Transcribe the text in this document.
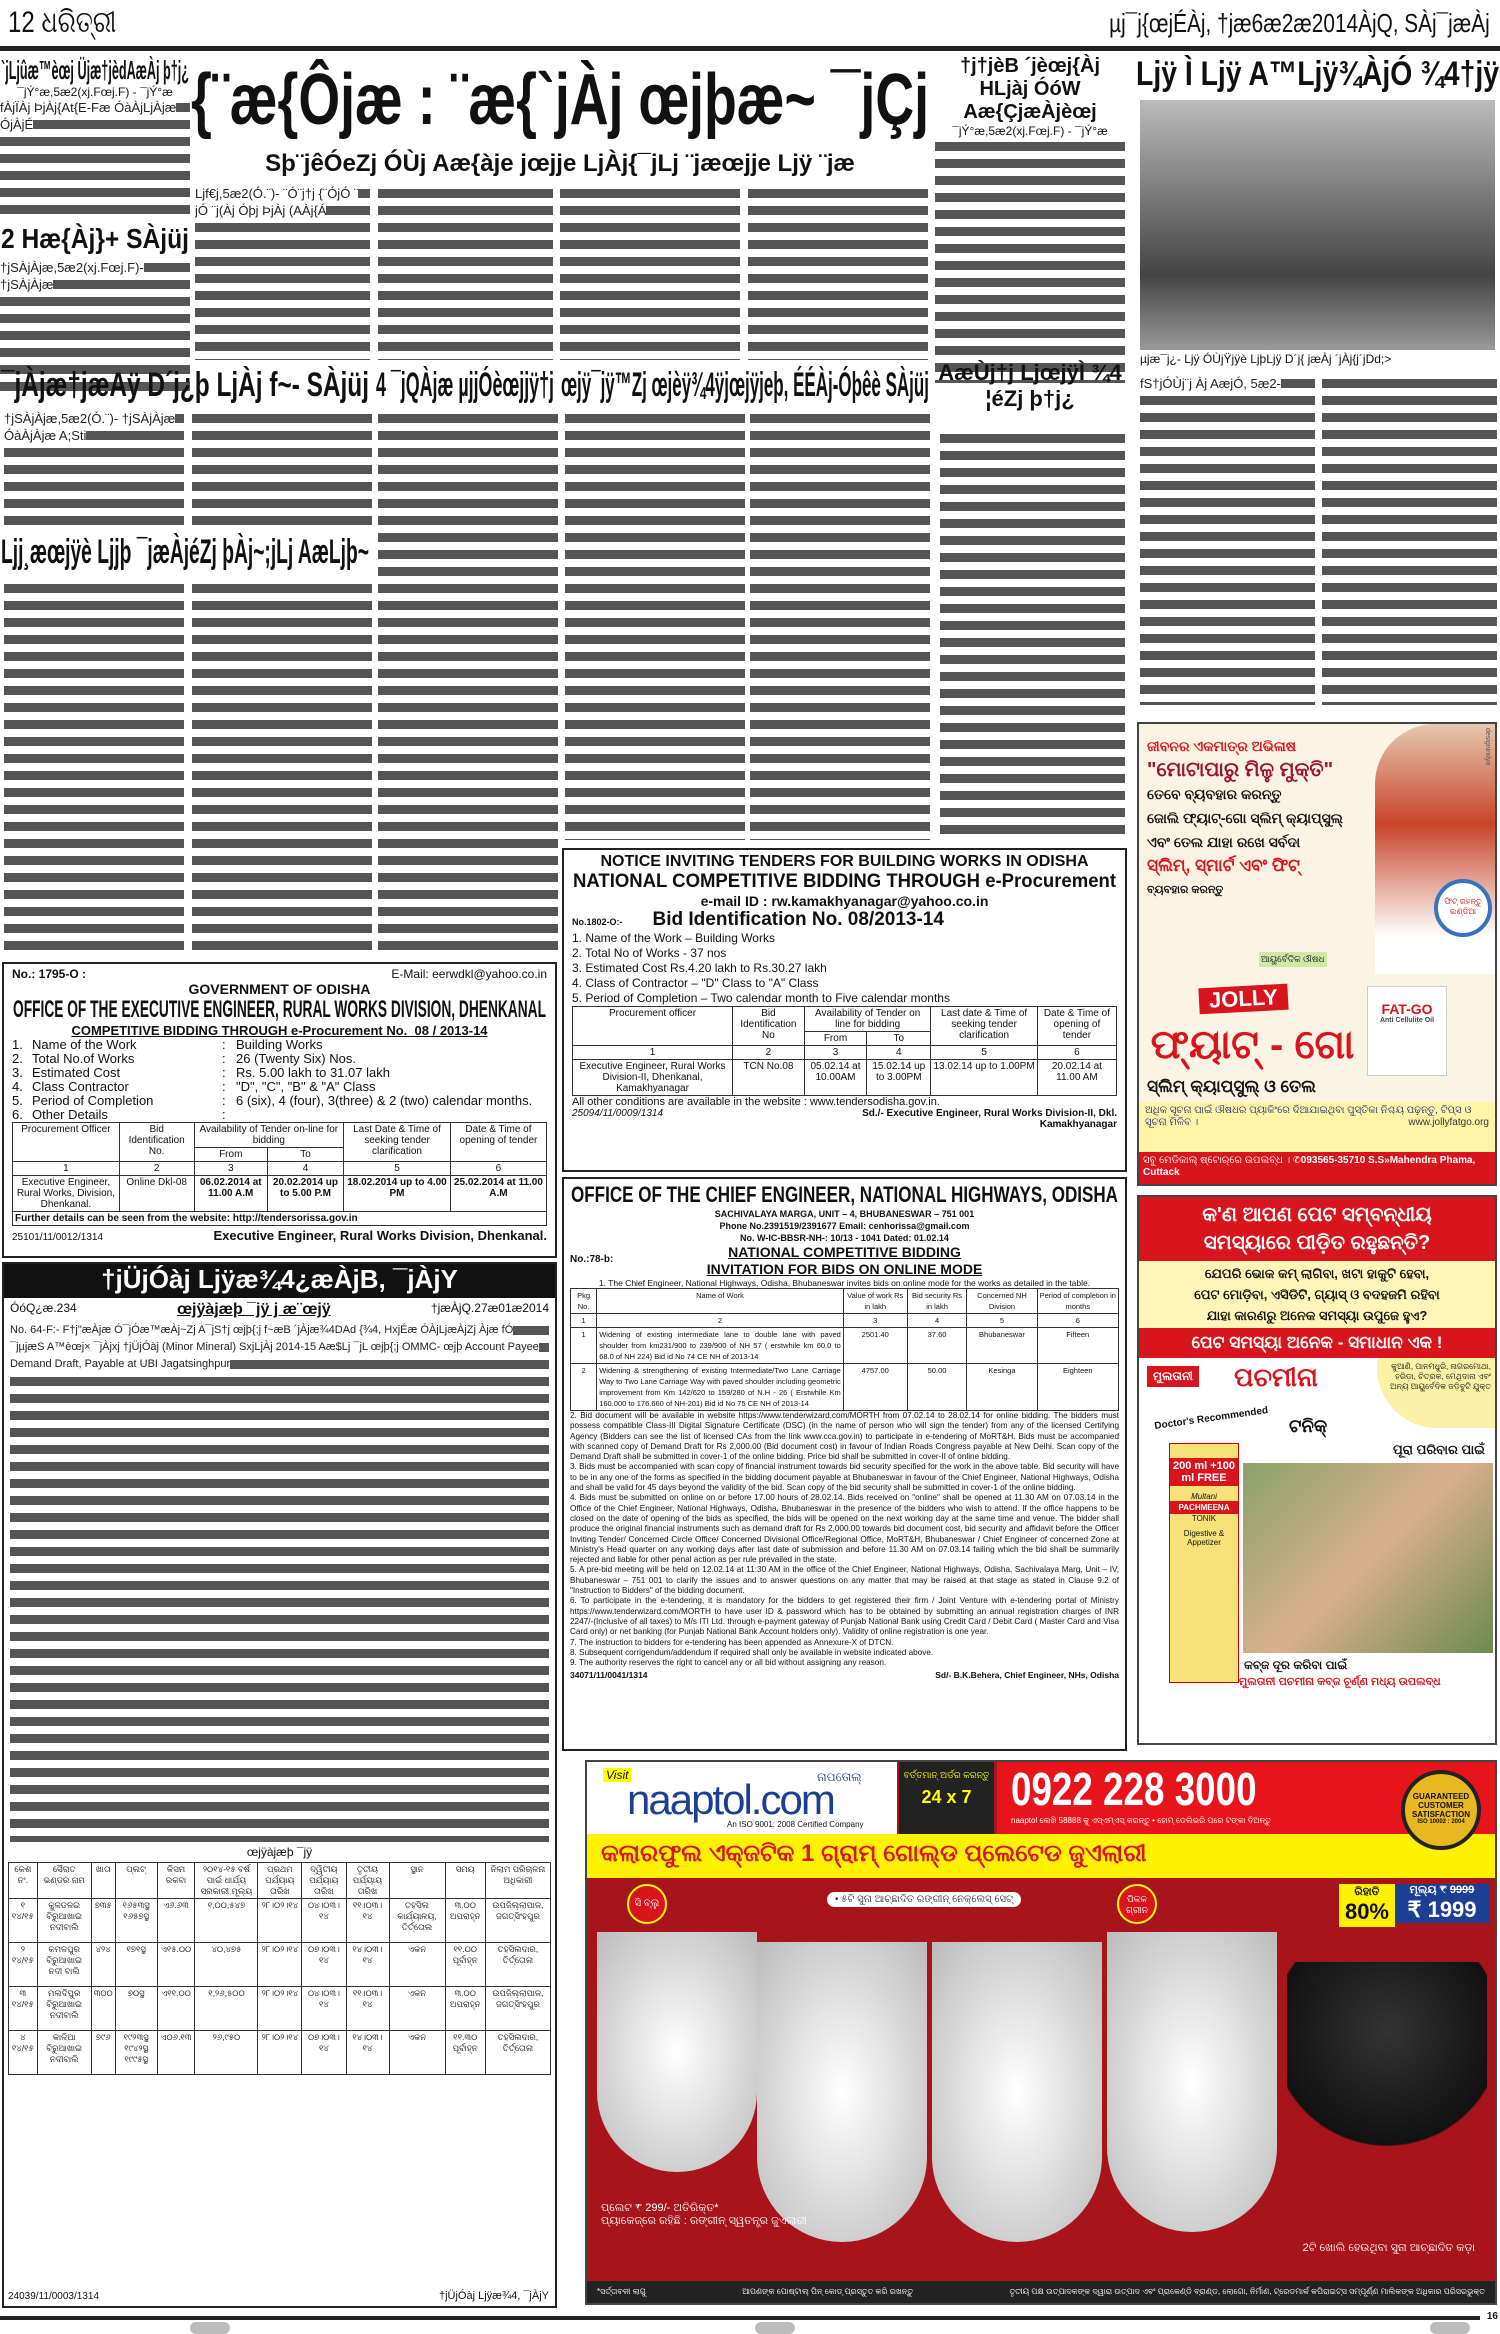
12 ଧରିତ୍ରୀ	µj¯j{œjÉÀj, †jæ6æ2æ2014ÀjQ, SÀj¯jæÀj
`jLjûæ™èœj Üjæ†jèdAæÀj þ†j¿
¯jÝ°æ,5æ2(xj.Fœj.F) - ¯jÝ°æ
fÀjÏÀj ÞjÀj{At{E-Fæ ÓàÀjLjÀjæ ÓjÀjÉ
2 Hæ{Àj}+ SÀjüj
†jSÀjÀjæ,5æ2(xj.Fœj.F)- †jSÀjÀjæ
{¨æ{Ôjæ : ¨æ{`jÀj œjþæ~ ¯jÇj
Sþ¨jêÓeZj ÓÙj Aæ{àje jœjje LjÀj{¯jLj ¨jæœjje Ljÿ ¨jæ
Ljf€j,5æ2(Ó.¨)- ¨Ó¨j†j {¨ÓjÓ ¨ jÓ ¨j(Àj Óþj ÞjÀj (AÀj{Á
†j†jèB ´jèœj{Àj HLjàj ÓóW Aæ{ÇjæÀjèœj
¯jÝ°æ,5æ2(xj.Fœj.F) - ¯jÝ°æ
¯jÀjæ†jæAÿ D´j¿þ LjÀj f~- SÀjüj 4 ¯jQÀjæ µjjÓèœjjÿ†j œjÿ¯jÿ™Zj œjèÿ¾4ÿjœjÿjeþ, ÉÉÀj-Óþêè SÀjüj AæÙj†j LjœjÿÌ ¾4 ¦éZj þ†j¿
†jSÀjÀjæ,5æ2(Ó.¨)- †jSÀjÀjæ ÓàÀjÀjæ A;Sti
Ljj¸æœjÿè Ljjþ ¯jæÀjéZj þÀj~;jLj AæLjþ~
Ljÿ Ì Ljÿ A™Ljÿ¾ÀjÓ ¾4†jÿ
µjæ¯j¿- Ljÿ ÓÙjŸjÿè LjþLjÿ D´j{ jæÀj ´jÀj{j´jDd;>
fS†jÓÙj¨j Àj AæjÓ, 5æ2-
No.: 1795-O :	E-Mail: eerwdkl@yahoo.co.in
GOVERNMENT OF ODISHA
OFFICE OF THE EXECUTIVE ENGINEER, RURAL WORKS DIVISION, DHENKANAL
COMPETITIVE BIDDING THROUGH e-Procurement No._08 / 2013-14
1. Name of the Work	: Building Works
2. Total No.of Works	: 26 (Twenty Six) Nos.
3. Estimated Cost	: Rs. 5.00 lakh to 31.07 lakh
4. Class Contractor	: "D", "C", "B" & "A" Class
5. Period of Completion	: 6 (six), 4 (four), 3(three) & 2 (two) calendar months.
6. Other Details	:
Procurement Officer	Bid Identification No.	Availability of Tender on-line for bidding		Last Date & Time of seeking tender clarification	Date & Time of opening of tender
		From	To		
1	2	3	4	5	6
Executive Engineer, Rural Works, Division, Dhenkanal.	Online Dkl-08	06.02.2014 at 11.00 A.M	20.02.2014 up to 5.00 P.M	18.02.2014 up to 4.00 PM	25.02.2014 at 11.00 A.M
Further details can be seen from the website: http://tendersorissa.gov.in					
25101/11/0012/1314	Executive Engineer, Rural Works Division, Dhenkanal.
NOTICE INVITING TENDERS FOR BUILDING WORKS IN ODISHA
NATIONAL COMPETITIVE BIDDING THROUGH e-Procurement
e-mail ID : rw.kamakhyanagar@yahoo.co.in
No.1802-O:- Bid Identification No. 08/2013-14
1. Name of the Work – Building Works
2. Total No of Works - 37 nos
3. Estimated Cost Rs.4.20 lakh to Rs.30.27 lakh
4. Class of Contractor – "D" Class to "A" Class
5. Period of Completion – Two calendar month to Five calendar months
Procurement officer	Bid Identification No	Availability of Tender on line for bidding		Last date & Time of seeking tender clarification	Date & Time of opening of tender
		From	To		
1	2	3	4	5	6
Executive Engineer, Rural Works Division-II, Dhenkanal, Kamakhyanagar	TCN No.08	05.02.14 at 10.00AM	15.02.14 up to 3.00PM	13.02.14 up to 1.00PM	20.02.14 at 11.00 AM
All other conditions are available in the website : www.tendersodisha.gov.in.
25094/11/0009/1314	Sd./- Executive Engineer, Rural Works Division-II, Dkl.
Kamakhyanagar
OFFICE OF THE CHIEF ENGINEER, NATIONAL HIGHWAYS, ODISHA
SACHIVALAYA MARGA, UNIT – 4, BHUBANESWAR – 751 001
Phone No.2391519/2391677 Email: cenhorissa@gmail.com
No. W-IC-BBSR-NH-: 10/13 - 1041 Dated: 01.02.14
No.:78-b:	NATIONAL COMPETITIVE BIDDING
INVITATION FOR BIDS ON ONLINE MODE
1. The Chief Engineer, National Highways, Odisha, Bhubaneswar invites bids on online mode for the works as detailed in the table.
Pkg No.	Name of Work	Value of work Rs in lakh	Bid security Rs in lakh	Concerned NH Division	Period of completion in months
1	2	3	4	5	6
1	Widening of existing intermediate lane to double lane with paved shoulder from km231/900 to 239/900 of NH 57 ( erstwhile km 60.0 to 68.0 of NH 224) Bid id No 74 CE NH of 2013-14	2501.40	37.60	Bhubaneswar	Fifteen
2	Widening & strengthening of existing Intermediate/Two Lane Carriage Way to Two Lane Carriage Way with paved shoulder including geometric improvement from Km 142/620 to 159/280 of N.H - 26 ( Erstwhile Km 160.000 to 176.660 of NH-201) Bid id No 75 CE NH of 2013-14	4757.00	50.00	Kesinga	Eighteen
2. Bid document will be available in website https://www.tenderwizard.com/MORTH from 07.02.14 to 28.02.14 for online bidding. The bidders must possess compatible Class-III Digital Signature Certificate (DSC) (in the name of person who will sign the tender) from any of the licensed Certifying Agency (Bidders can see the list of licensed CAs from the link www.cca.gov.in) to participate in e-tendering of MoRT&H. Bids must be accompanied with scanned copy of Demand Draft for Rs 2,000.00 (Bid document cost) in favour of Indian Roads Congress payable at New Delhi. Scan copy of the Demand Draft shall be submitted in cover-1 of the online bidding. Price bid shall be submitted in cover-II of online bidding.
3. Bids must be accompanied with scan copy of financial instrument towards bid security specified for the work in the above table. Bid security will have to be in any one of the forms as specified in the bidding document payable at Bhubaneswar in favour of the Chief Engineer, National Highways, Odisha and shall be valid for 45 days beyond the validity of the bid. Scan copy of the bid security shall be submitted in cover-1 of the online bidding.
4. Bids must be submitted on online on or before 17.00 hours of 28.02.14. Bids received on "online" shall be opened at 11.30 AM on 07.03.14 in the Office of the Chief Engineer, National Highways, Odisha, Bhubaneswar in the presence of the bidders who wish to attend. If the office happens to be closed on the date of opening of the bids as specified, the bids will be opened on the next working day at the same time and venue. The bidder shall produce the original financial instruments such as demand draft for Rs 2,000.00 towards bid document cost, bid security and affidavit before the Officer Inviting Tender/ Concerned Circle Office/ Concerned Divisional Office/Regional Office, MoRT&H, Bhubaneswar / Chief Engineer of concerned Zone at Ministry's Head quarter on any working days after last date of submission and before 11.30 AM on 07.03.14 failing which the bid shall be summarily rejected and liable for other penal action as per rule prevailed in the state.
5. A pre-bid meeting will be held on 12.02.14 at 11:30 AM in the office of the Chief Engineer, National Highways, Odisha, Sachivalaya Marg, Unit – IV, Bhubaneswar – 751 001 to clarify the issues and to answer questions on any matter that may be raised at that stage as stated in Clause 9.2 of "Instruction to Bidders" of the bidding document.
6. To participate in the e-tendering, it is mandatory for the bidders to get registered their firm / Joint Venture with e-tendering portal of Ministry https://www.tenderwizard.com/MORTH to have user ID & password which has to be obtained by submitting an annual registration charges of INR 2247/-(Inclusive of all taxes) to M/s ITI Ltd. through e-payment gateway of Punjab National Bank using Credit Card / Debit Card ( Master Card and Visa Card only) or net banking (for Punjab National Bank Account holders only). Validity of online registration is one year.
7. The instruction to bidders for e-tendering has been appended as Annexure-X of DTCN.
8. Subsequent corrigendum/addendum if required shall only be available in website indicated above.
9. The authority reserves the right to cancel any or all bid without assigning any reason.
34071/11/0041/1314	Sd/- B.K.Behera, Chief Engineer, NHs, Odisha
†jÜjÓàj Ljÿæ¾4¿æÀjB, ¯jÀjY
ÓóQ¿æ.234	œjÿàjæþ ¯jÿ j æ¨œjÿ	†jæÀjQ.27æ01æ2014
No. 64-F:- F†j"æÀjæ Ó¯jÓæ™æÀj~Zj A¯jS†j œjþ{;j f~æB ´jÀjæ¾4DAd {¾4, HxjÉæ ÓÀjLjæÀjZj Àjæ fÓ ¯jµjæS A™èœj× ¯jÀjxj †jÜjÓàj (Minor Mineral) SxjLjÀj 2014-15 Aæ$Lj ¯jL œjþ{;j OMMC- œjþ Account Payee Demand Draft, Payable at UBI Jagatsinghpur
œjÿàjæþ ¯jÿ
କେଶ ନଂ.	ସୈରାତ ଭଣ୍ଡର ନାମ	ଖାତା	ପ୍ଲଟ୍	କିସମ ରକବା	୨୦୧୪-୧୫ ବର୍ଷ ପାଇଁ ଧାର୍ଯ୍ୟ ସରକାରୀ ମୂଲ୍ୟ	ପ୍ରଥମ ପର୍ଯ୍ୟାୟ ତାରିଖ	ଦ୍ୱିତୀୟ ପର୍ଯ୍ୟାୟ ତାରିଖ	ତୃତୀୟ ପର୍ଯ୍ୟାୟ ତାରିଖ	ସ୍ଥାନ	ସମୟ	ନିଲାମ ପରିଚାଳନା ଅଧିକାରୀ
୧ ୧୪/୧୫	କୁଳଡଳଇ ବିରୁଆଖାଇ ନଦୀବାଲି	୭୩୫	୧୬୫୩ସ୍ଥ ୧୬୫୭ସ୍ଥ	ଏ୬.୬୩	୧,୦୦,୫୪୭	୨୮।୦୨।୧୪	୦୪।୦୩।୧୪	୧୧।୦୩।୧୪	ତହସିଲ କାର୍ଯ୍ୟାଳୟ, ତିର୍ତ୍ତୋଲ	୩.୦୦ ଅପରାହ୍ନ	ଉପଜିଲ୍ଲାପାଳ, ଜଗତ୍‌ସିଂହପୁର
୨ ୧୪/୧୫	କମଳପୁର ବିରୁଆଖାଇ ନଦୀ ବାଲି	୪୨୪	୧୭୧ସ୍ଥ	ଏ୧୫.୦୦	୪୦,୪୭୫	୨୮।୦୨।୧୪	୦୭।୦୩।୧୪	୧୪।୦୩।୧୪	ଏକନ	୧୧.୦୦ ପୂର୍ବାହ୍ନ	ତହସିଲଦାର, ତିର୍ତ୍ତୋଲ
୩ ୧୪/୧୫	ମଲଦିପୁର ବିରୁଆଖାଇ ନଦୀବାଲି	୩୦୦	୭୦ସ୍ଥ	ଏ୧୧.୦୦	୧,୨୬,୫୦୦	୨୮।୦୨।୧୪	୦୪।୦୩।୧୪	୧୧।୦୩।୧୪	ଏକନ	୩.୦୦ ଅପରାହ୍ନ	ଉପଜିଲ୍ଲାପାଳ, ଜଗତ୍‌ସିଂହପୁର
୪ ୧୪/୧୫	କାଳିଆ ବିରୁଆଖାଇ ନଦୀବାଲି	୭୯୬	୧୯୨୩ସ୍ଥ ୧୯୪୨ସ୍ଥ ୧୯୯୫ସ୍ଥ	ଏ୦୬.୧୩	୨୬,୯୫୦	୨୮।୦୨।୧୪	୦୭।୦୩।୧୪	୧୪।୦୩।୧୪	ଏକନ	୧୧.୩୦ ପୂର୍ବାହ୍ନ	ତହସିଲଦାର, ତିର୍ତ୍ତୋଲ
24039/11/0003/1314	†jÜjÓàj Ljÿæ¾4, ¯jÀjY
ଜୀବନର ଏକମାତ୍ର ଅଭିଳାଷ
"ମୋଟାପାରୁ ମିଳୁ ମୁକ୍ତି"
ତେବେ ବ୍ୟବହାର କରନ୍ତୁ
ଜୋଲି ଫ୍ୟାଟ୍-ଗୋ ସ୍ଲିମ୍ କ୍ୟାପ୍‌ସୁଲ୍
ଏବଂ ତେଲ ଯାହା ରଖେ ସର୍ବଦା
ସ୍ଲିମ୍, ସ୍ମାର୍ଟ ଏବଂ ଫିଟ୍
ବ୍ୟବହାର କରନ୍ତୁ
ଆୟୁର୍ବେଦିକ ଔଷଧ
ଫିଟ୍ ରହନ୍ତୁ ଇଣ୍ଡିଆ
JOLLY
ଫ୍ୟାଟ୍ - ଗୋ
FAT-GO
Anti Cellulite Oil
designindya
ସ୍ଲିମ୍ କ୍ୟାପ୍‌ସୁଲ୍ ଓ ତେଲ
ଅଧିକ ସୂଚନା ପାଇଁ ଔଷଧର ପ୍ୟାକିଂରେ ଦିଆଯାଇଥିବା ପୁସ୍ତିକା ନିଶ୍ଚୟ ପଢ଼ନ୍ତୁ, ଟିପ୍‌ସ ଓ ସୂଚନା ମିଳିବ ।	www.jollyfatgo.org
ସବୁ ମେଡିକାଲ୍ ଷ୍ଟୋର୍‌ରେ ଉପଲବ୍ଧ । ✆093565-35710 S.S»Mahendra Phama, Cuttack
କ'ଣ ଆପଣ ପେଟ ସମ୍ବନ୍ଧୀୟ
ସମସ୍ୟାରେ ପୀଡ଼ିତ ରହୁଛନ୍ତି?
ଯେପରି ଭୋକ କମ୍ ଲାଗିବା, ଖଟା ହାକୁଟି ହେବା,
ପେଟ ମୋଡ଼ିବା, ଏସିଡିଟି, ଗ୍ୟାସ୍ ଓ ବଦହଜମି ରହିବା
ଯାହା କାରଣରୁ ଅନେକ ସମସ୍ୟା ଉପୁଜେ ହୁଏ?
ପେଟ ସମସ୍ୟା ଅନେକ - ସମାଧାନ ଏକ !
ମୁଲତାନୀ ପଚମୀନା	କୁଆଣି, ପାନମଧୁରି, ନାଗରମୋଥା, ହରିଡ଼ା, ଚିତ୍ରକ, ମେଥିଦାନା ଏବଂ ଅନ୍ୟ ଆୟୁର୍ବେଦିକ ଜଡ଼ିବୁଟି ଯୁକ୍ତ
Doctor's Recommended ଟନିକ୍
ପୂରା ପରିବାର ପାଇଁ
200 ml +100 ml FREE
Multani
PACHMEENA
TONIK
Digestive & Appetizer
କବ୍ଜ ଦୂର କରିବା ପାଇଁ
ମୁଲତାନୀ ପଚମୀନା କବ୍ଜ ଚୂର୍ଣ୍ଣ ମଧ୍ୟ ଉପଲବ୍ଧ
Visit
naaptol.com
ନାପତୋଲ୍
An ISO 9001: 2008 Certified Company
ବର୍ତ୍ତମାନ୍ ଅର୍ଡର କରନ୍ତୁ
24 x 7 0922 228 3000
naaptol ଲେଖି 58888 କୁ ଏସ୍‌ଏମ୍‌ଏସ୍ କରନ୍ତୁ • ହୋମ୍ ଡେଲିଭରି ପରେ ଟଙ୍କା ଦିଅନ୍ତୁ
GUARANTEED CUSTOMER SATISFACTION
ISO 10002 : 2004
କଲାରଫୁଲ ଏକ୍‌ଜଟିକ 1 ଗ୍ରାମ୍ ଗୋଲ୍ଡ ପ୍ଲେଟେଡ ଜୁଏଲାରୀ
ରିହାତି
80%
ମୂଲ୍ୟ ₹ 9999
₹ 1999
• ୫ଟି ସୁନା ଆଚ୍ଛାଦିତ ରଙ୍ଗୀନ୍ ନେକ୍‌ଲେସ୍ ସେଟ୍
ସି ବ୍ଲୁ	ପିକକ ଗ୍ରୀନ
ପ୍ଲେଟ ₹ 299/- ଅତିରିକ୍ତ*
ପ୍ୟାକେଜ୍‌ରେ ରହିଛି : ରଙ୍ଗୀନ୍ ସ୍ୱତନ୍ତ୍ର ଜୁଏଲାରୀ
2ଟି ଖୋଲି ହେଉଥିବା ସୁନା ଆଚ୍ଛାଦିତ କଡ଼ା
*ସର୍ତ୍ତାବଳୀ ଲାଗୁ	ଆପଣଙ୍କ ପୋଷ୍ଟାଲ୍ ପିନ୍ କୋଡ୍ ପ୍ରସ୍ତୁତ କରି ରଖନ୍ତୁ	ତୃତୀୟ ପକ୍ଷ ଉତ୍ପାଦକଙ୍କ ଦ୍ୱାରା ଉତ୍ପାଦ ଏବଂ ପ୍ରାକେଣ୍ଡି ବ୍ରାଣ୍ଡ, ଲୋଗୋ, ନିର୍ମାଣ, ଟ୍ରେଡମାର୍କ କପିରାଇଟ୍ସ ସମ୍ପୂର୍ଣ୍ଣ ମାଲିକଙ୍କ ଅଧିକାର ପରିସରଭୁକ୍ତ
16
